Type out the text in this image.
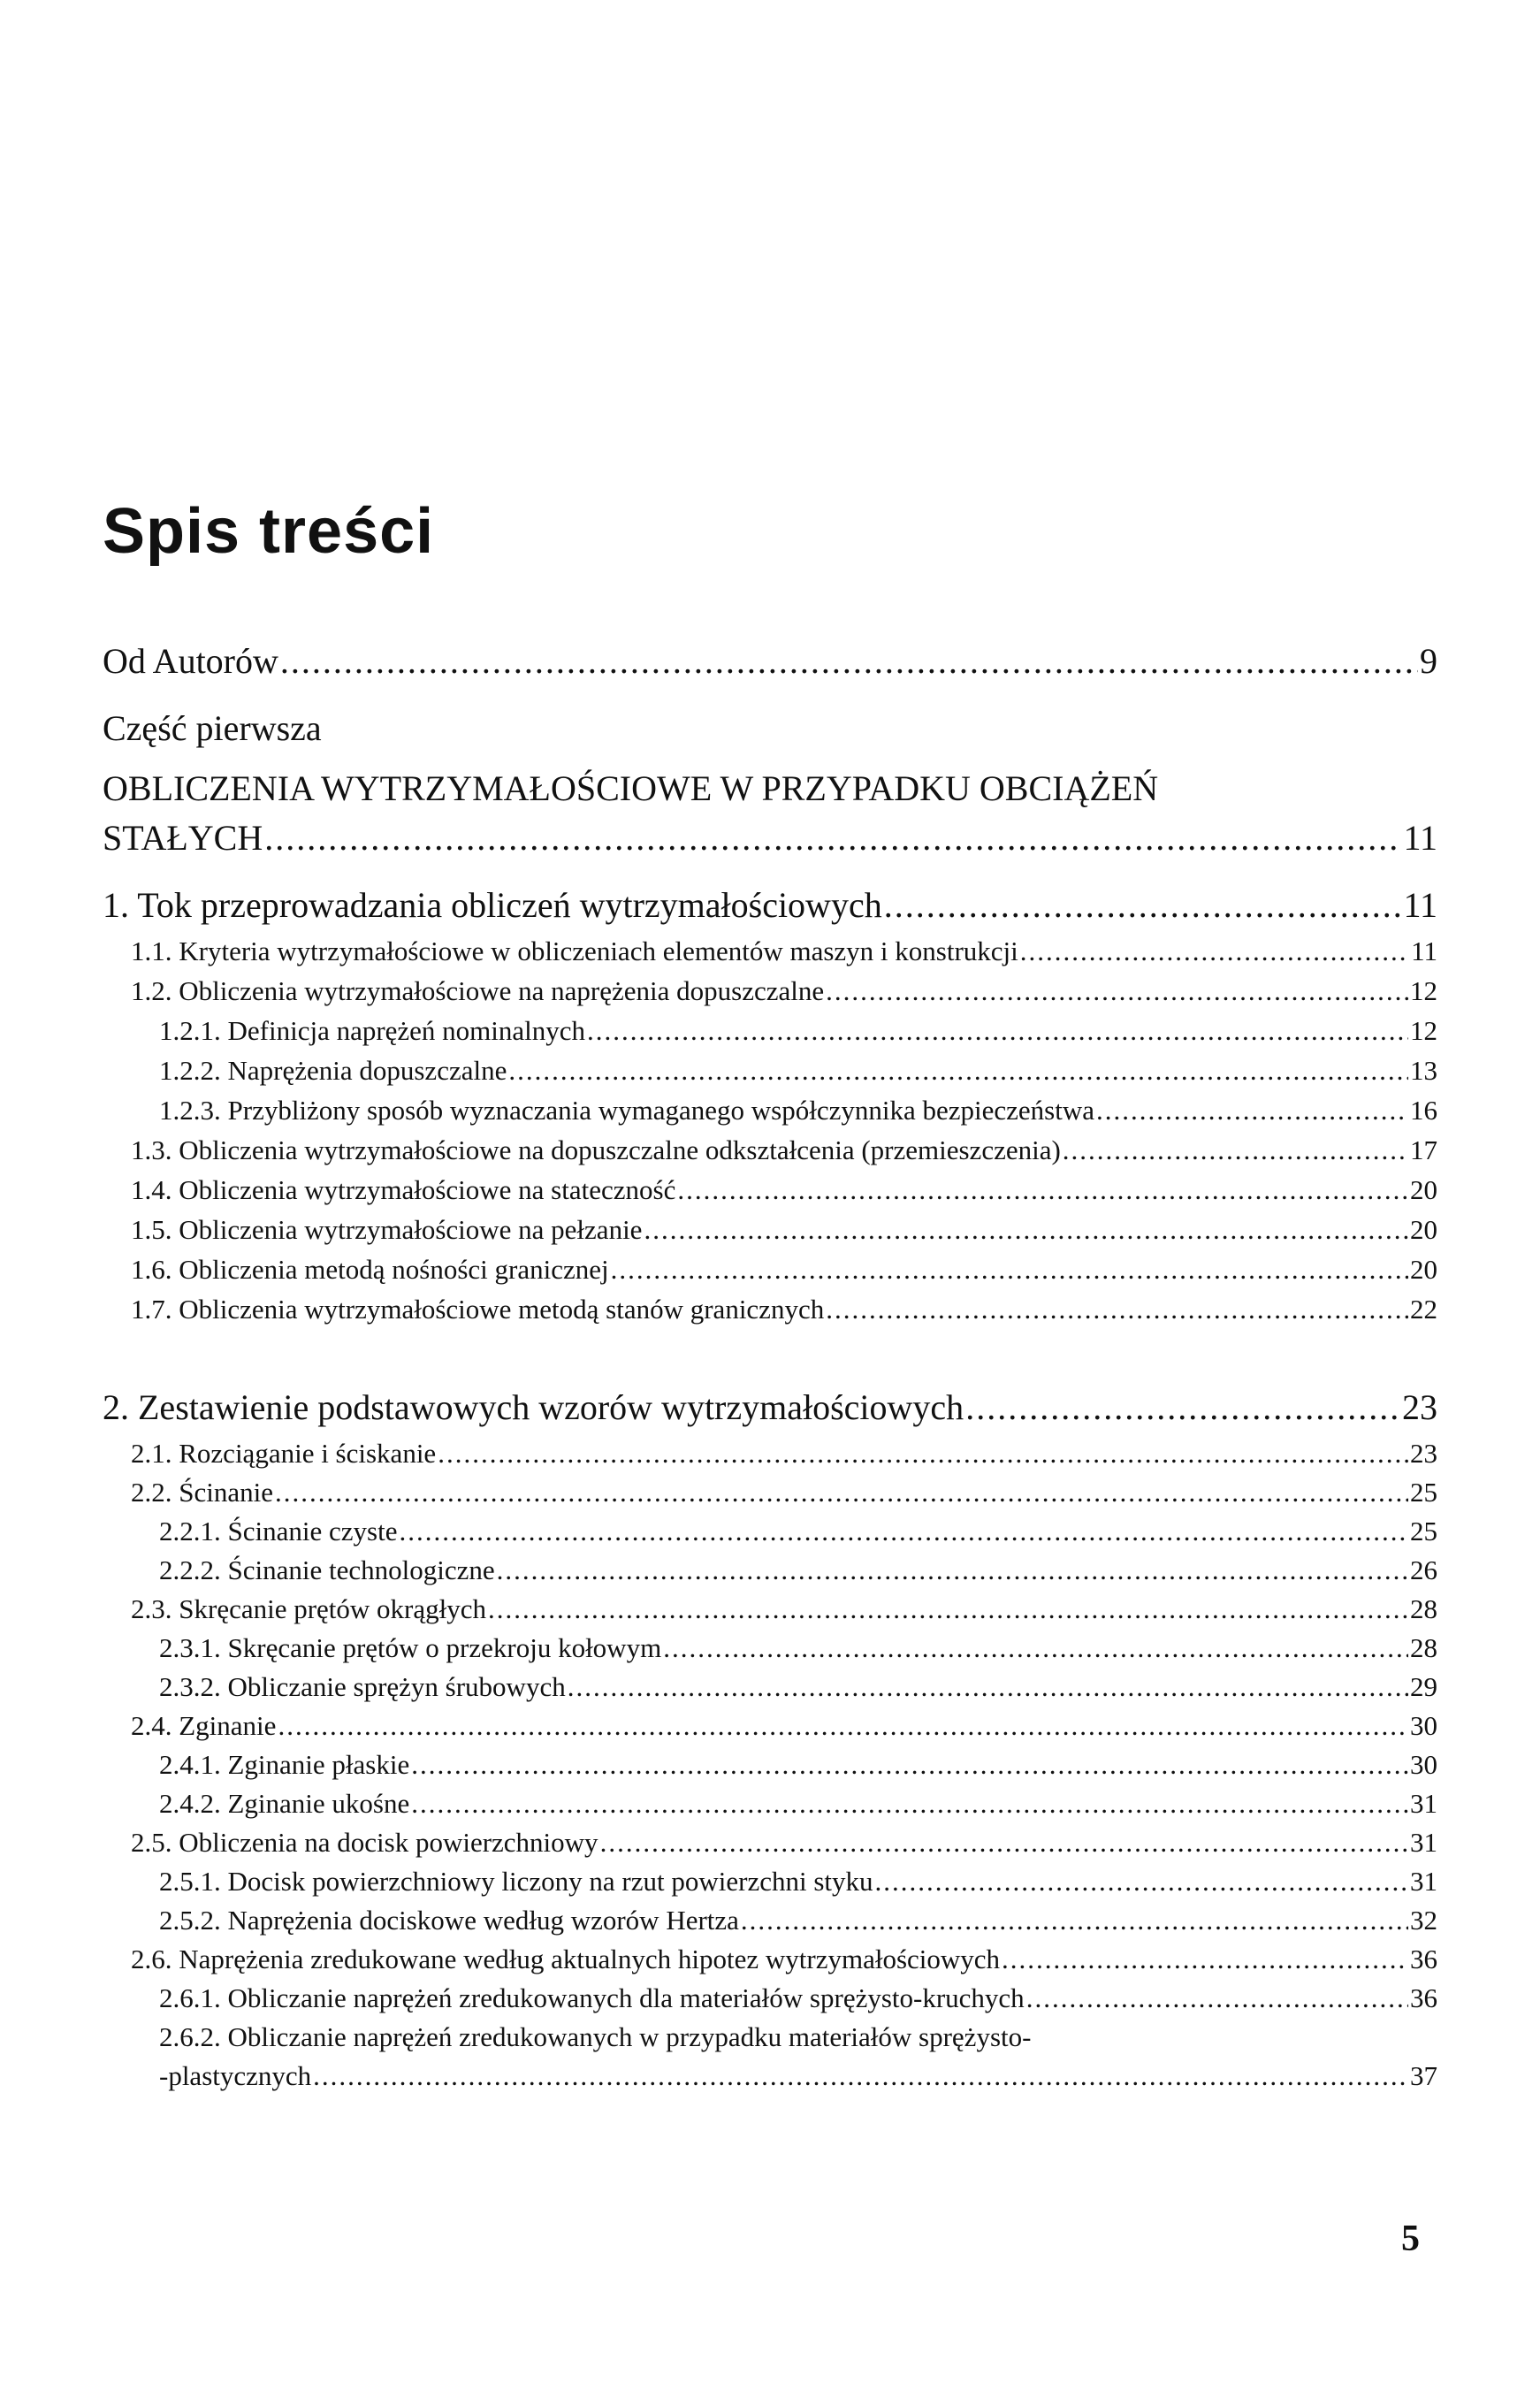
Spis treści
Od Autorów .....	9
Część pierwsza
OBLICZENIA WYTRZYMAŁOŚCIOWE W PRZYPADKU OBCIĄŻEŃ
STAŁYCH .....	11
1. Tok przeprowadzania obliczeń wytrzymałościowych .....	11
1.1. Kryteria wytrzymałościowe w obliczeniach elementów maszyn i konstrukcji .....	11
1.2. Obliczenia wytrzymałościowe na naprężenia dopuszczalne .....	12
1.2.1. Definicja naprężeń nominalnych .....	12
1.2.2. Naprężenia dopuszczalne .....	13
1.2.3. Przybliżony sposób wyznaczania wymaganego współczynnika bezpieczeństwa .....	16
1.3. Obliczenia wytrzymałościowe na dopuszczalne odkształcenia (przemieszczenia) .....	17
1.4. Obliczenia wytrzymałościowe na stateczność .....	20
1.5. Obliczenia wytrzymałościowe na pełzanie .....	20
1.6. Obliczenia metodą nośności granicznej .....	20
1.7. Obliczenia wytrzymałościowe metodą stanów granicznych .....	22
2. Zestawienie podstawowych wzorów wytrzymałościowych .....	23
2.1. Rozciąganie i ściskanie .....	23
2.2. Ścinanie .....	25
2.2.1. Ścinanie czyste .....	25
2.2.2. Ścinanie technologiczne .....	26
2.3. Skręcanie prętów okrągłych .....	28
2.3.1. Skręcanie prętów o przekroju kołowym .....	28
2.3.2. Obliczanie sprężyn śrubowych .....	29
2.4. Zginanie .....	30
2.4.1. Zginanie płaskie .....	30
2.4.2. Zginanie ukośne .....	31
2.5. Obliczenia na docisk powierzchniowy .....	31
2.5.1. Docisk powierzchniowy liczony na rzut powierzchni styku .....	31
2.5.2. Naprężenia dociskowe według wzorów Hertza .....	32
2.6. Naprężenia zredukowane według aktualnych hipotez wytrzymałościowych .....	36
2.6.1. Obliczanie naprężeń zredukowanych dla materiałów sprężysto-kruchych .....	36
2.6.2. Obliczanie naprężeń zredukowanych w przypadku materiałów sprężysto-
-plastycznych .....	37
5
